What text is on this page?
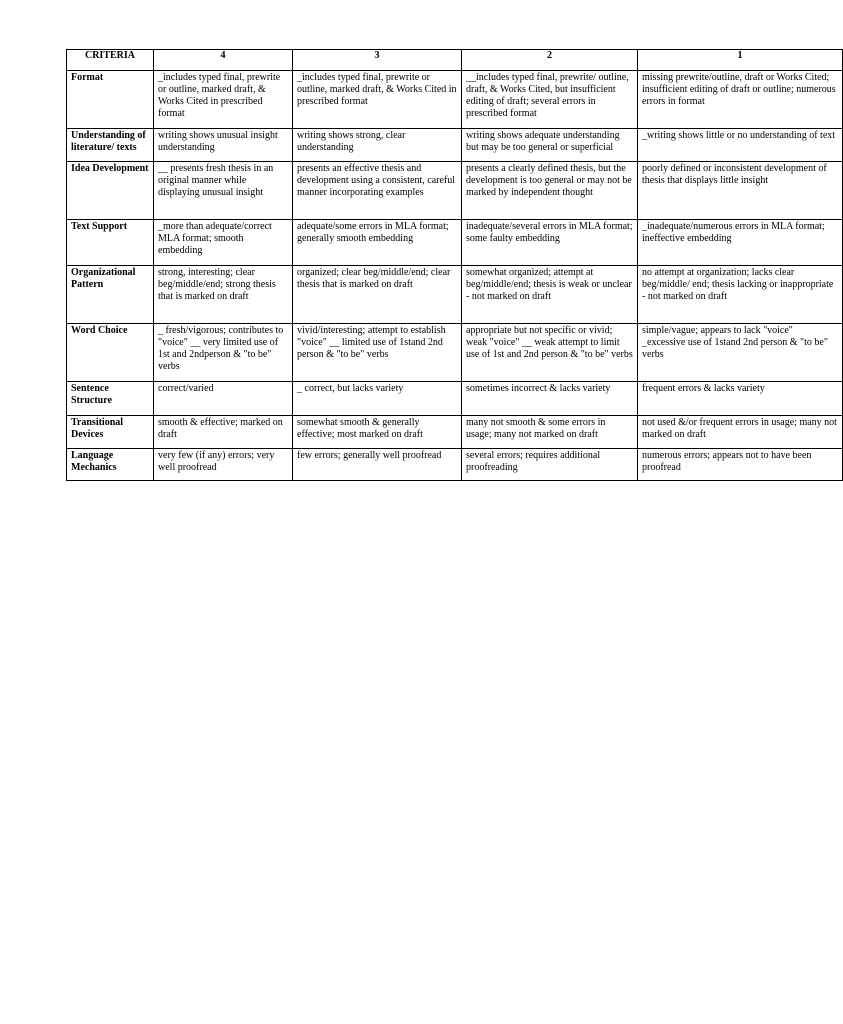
CRITERIA	4	3	2	1
Format	_includes typed final, prewrite or outline, marked draft, & Works Cited in prescribed format	_includes typed final, prewrite or outline, marked draft, & Works Cited in prescribed format	__includes typed final, prewrite/ outline, draft, & Works Cited, but insufficient editing of draft; several errors in prescribed format	missing prewrite/outline, draft or Works Cited; insufficient editing of draft or outline; numerous errors in format
Understanding of literature/ texts	writing shows unusual insight understanding	writing shows strong, clear understanding	writing shows adequate understanding but may be too general or superficial	_writing shows little or no understanding of text
Idea Development	__ presents fresh thesis in an original manner while displaying unusual insight	presents an effective thesis and development using a consistent, careful manner incorporating examples	presents a clearly defined thesis, but the development is too general or may not be marked by independent thought	poorly defined or inconsistent development of thesis that displays little insight
Text Support	_more than adequate/correct MLA format; smooth embedding	adequate/some errors in MLA format; generally smooth embedding	inadequate/several errors in MLA format; some faulty embedding	_inadequate/numerous errors in MLA format; ineffective embedding
Organizational Pattern	strong, interesting; clear beg/middle/end; strong thesis that is marked on draft	organized; clear beg/middle/end; clear thesis that is marked on draft	somewhat organized; attempt at beg/middle/end; thesis is weak or unclear - not marked on draft	no attempt at organization; lacks clear beg/middle/ end; thesis lacking or inappropriate - not marked on draft
Word Choice	_ fresh/vigorous; contributes to "voice" __ very limited use of 1st and 2ndperson & "to be" verbs	vivid/interesting; attempt to establish "voice" __ limited use of 1stand 2nd person & "to be" verbs	appropriate but not specific or vivid; weak "voice" __ weak attempt to limit use of 1st and 2nd person & "to be" verbs	simple/vague; appears to lack "voice" _excessive use of 1stand 2nd person & "to be" verbs
Sentence Structure	correct/varied	_ correct, but lacks variety	sometimes incorrect & lacks variety	frequent errors & lacks variety
Transitional Devices	smooth & effective; marked on draft	somewhat smooth & generally effective; most marked on draft	many not smooth & some errors in usage; many not marked on draft	not used &/or frequent errors in usage; many not marked on draft
Language Mechanics	very few (if any) errors; very well proofread	few errors; generally well proofread	several errors; requires additional proofreading	numerous errors; appears not to have been proofread
